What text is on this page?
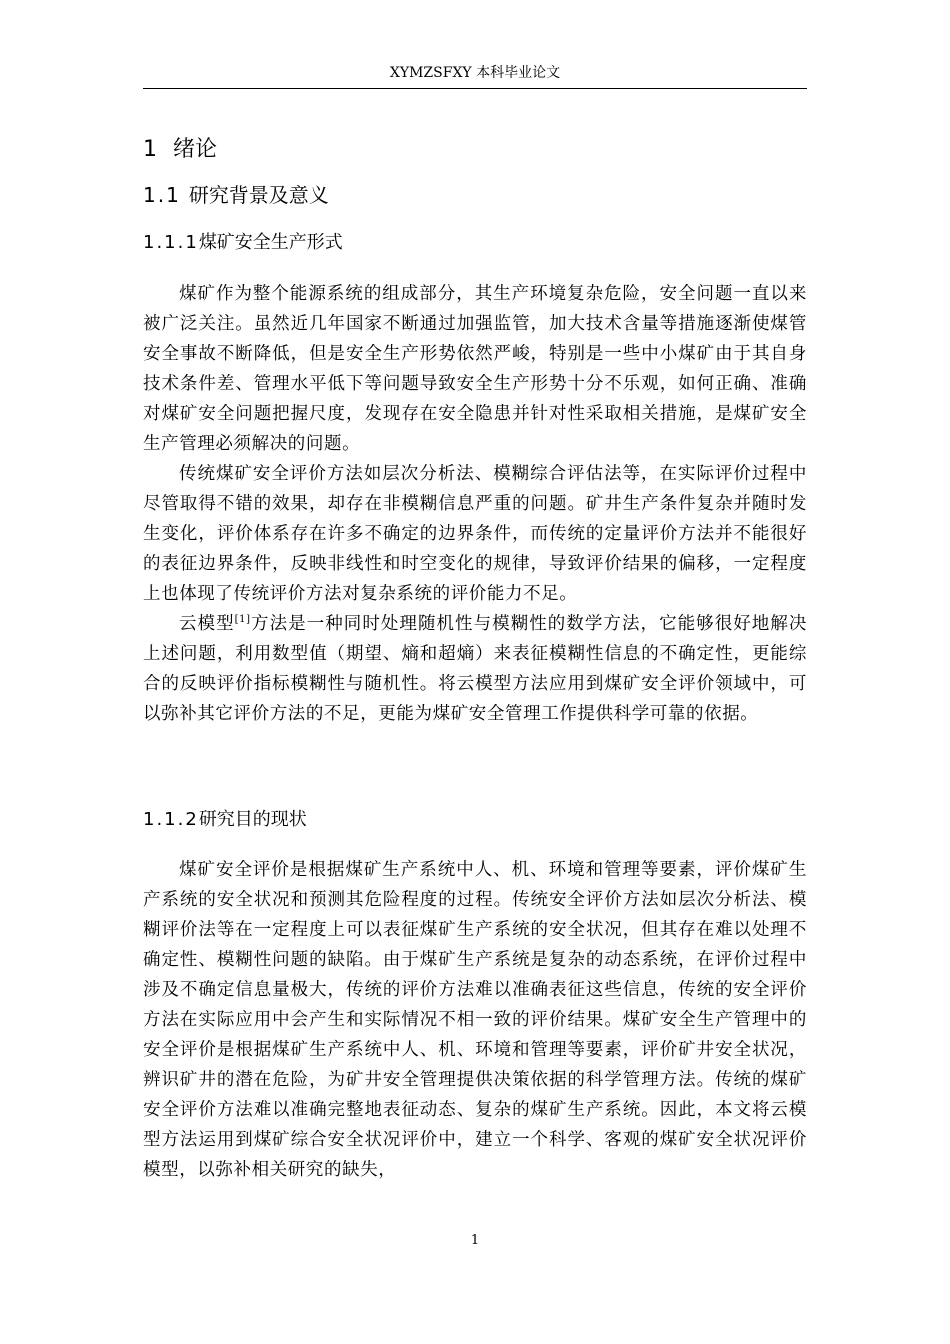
XYMZSFXY 本科毕业论文
1 绪论
1.1 研究背景及意义
1.1.1煤矿安全生产形式

煤矿作为整个能源系统的组成部分，其生产环境复杂危险，安全问题一直以来被广泛关注。虽然近几年国家不断通过加强监管，加大技术含量等措施逐渐使煤管安全事故不断降低，但是安全生产形势依然严峻，特别是一些中小煤矿由于其自身技术条件差、管理水平低下等问题导致安全生产形势十分不乐观，如何正确、准确对煤矿安全问题把握尺度，发现存在安全隐患并针对性采取相关措施，是煤矿安全生产管理必须解决的问题。

传统煤矿安全评价方法如层次分析法、模糊综合评估法等，在实际评价过程中尽管取得不错的效果，却存在非模糊信息严重的问题。矿井生产条件复杂并随时发生变化，评价体系存在许多不确定的边界条件，而传统的定量评价方法并不能很好的表征边界条件，反映非线性和时空变化的规律，导致评价结果的偏移，一定程度上也体现了传统评价方法对复杂系统的评价能力不足。

云模型[1]方法是一种同时处理随机性与模糊性的数学方法，它能够很好地解决上述问题，利用数型值（期望、熵和超熵）来表征模糊性信息的不确定性，更能综合的反映评价指标模糊性与随机性。将云模型方法应用到煤矿安全评价领域中，可以弥补其它评价方法的不足，更能为煤矿安全管理工作提供科学可靠的依据。

1.1.2研究目的现状

煤矿安全评价是根据煤矿生产系统中人、机、环境和管理等要素，评价煤矿生产系统的安全状况和预测其危险程度的过程。传统安全评价方法如层次分析法、模糊评价法等在一定程度上可以表征煤矿生产系统的安全状况，但其存在难以处理不确定性、模糊性问题的缺陷。由于煤矿生产系统是复杂的动态系统，在评价过程中涉及不确定信息量极大，传统的评价方法难以准确表征这些信息，传统的安全评价方法在实际应用中会产生和实际情况不相一致的评价结果。煤矿安全生产管理中的安全评价是根据煤矿生产系统中人、机、环境和管理等要素，评价矿井安全状况，辨识矿井的潜在危险，为矿井安全管理提供决策依据的科学管理方法。传统的煤矿安全评价方法难以准确完整地表征动态、复杂的煤矿生产系统。因此，本文将云模型方法运用到煤矿综合安全状况评价中，建立一个科学、客观的煤矿安全状况评价模型，以弥补相关研究的缺失，

1
